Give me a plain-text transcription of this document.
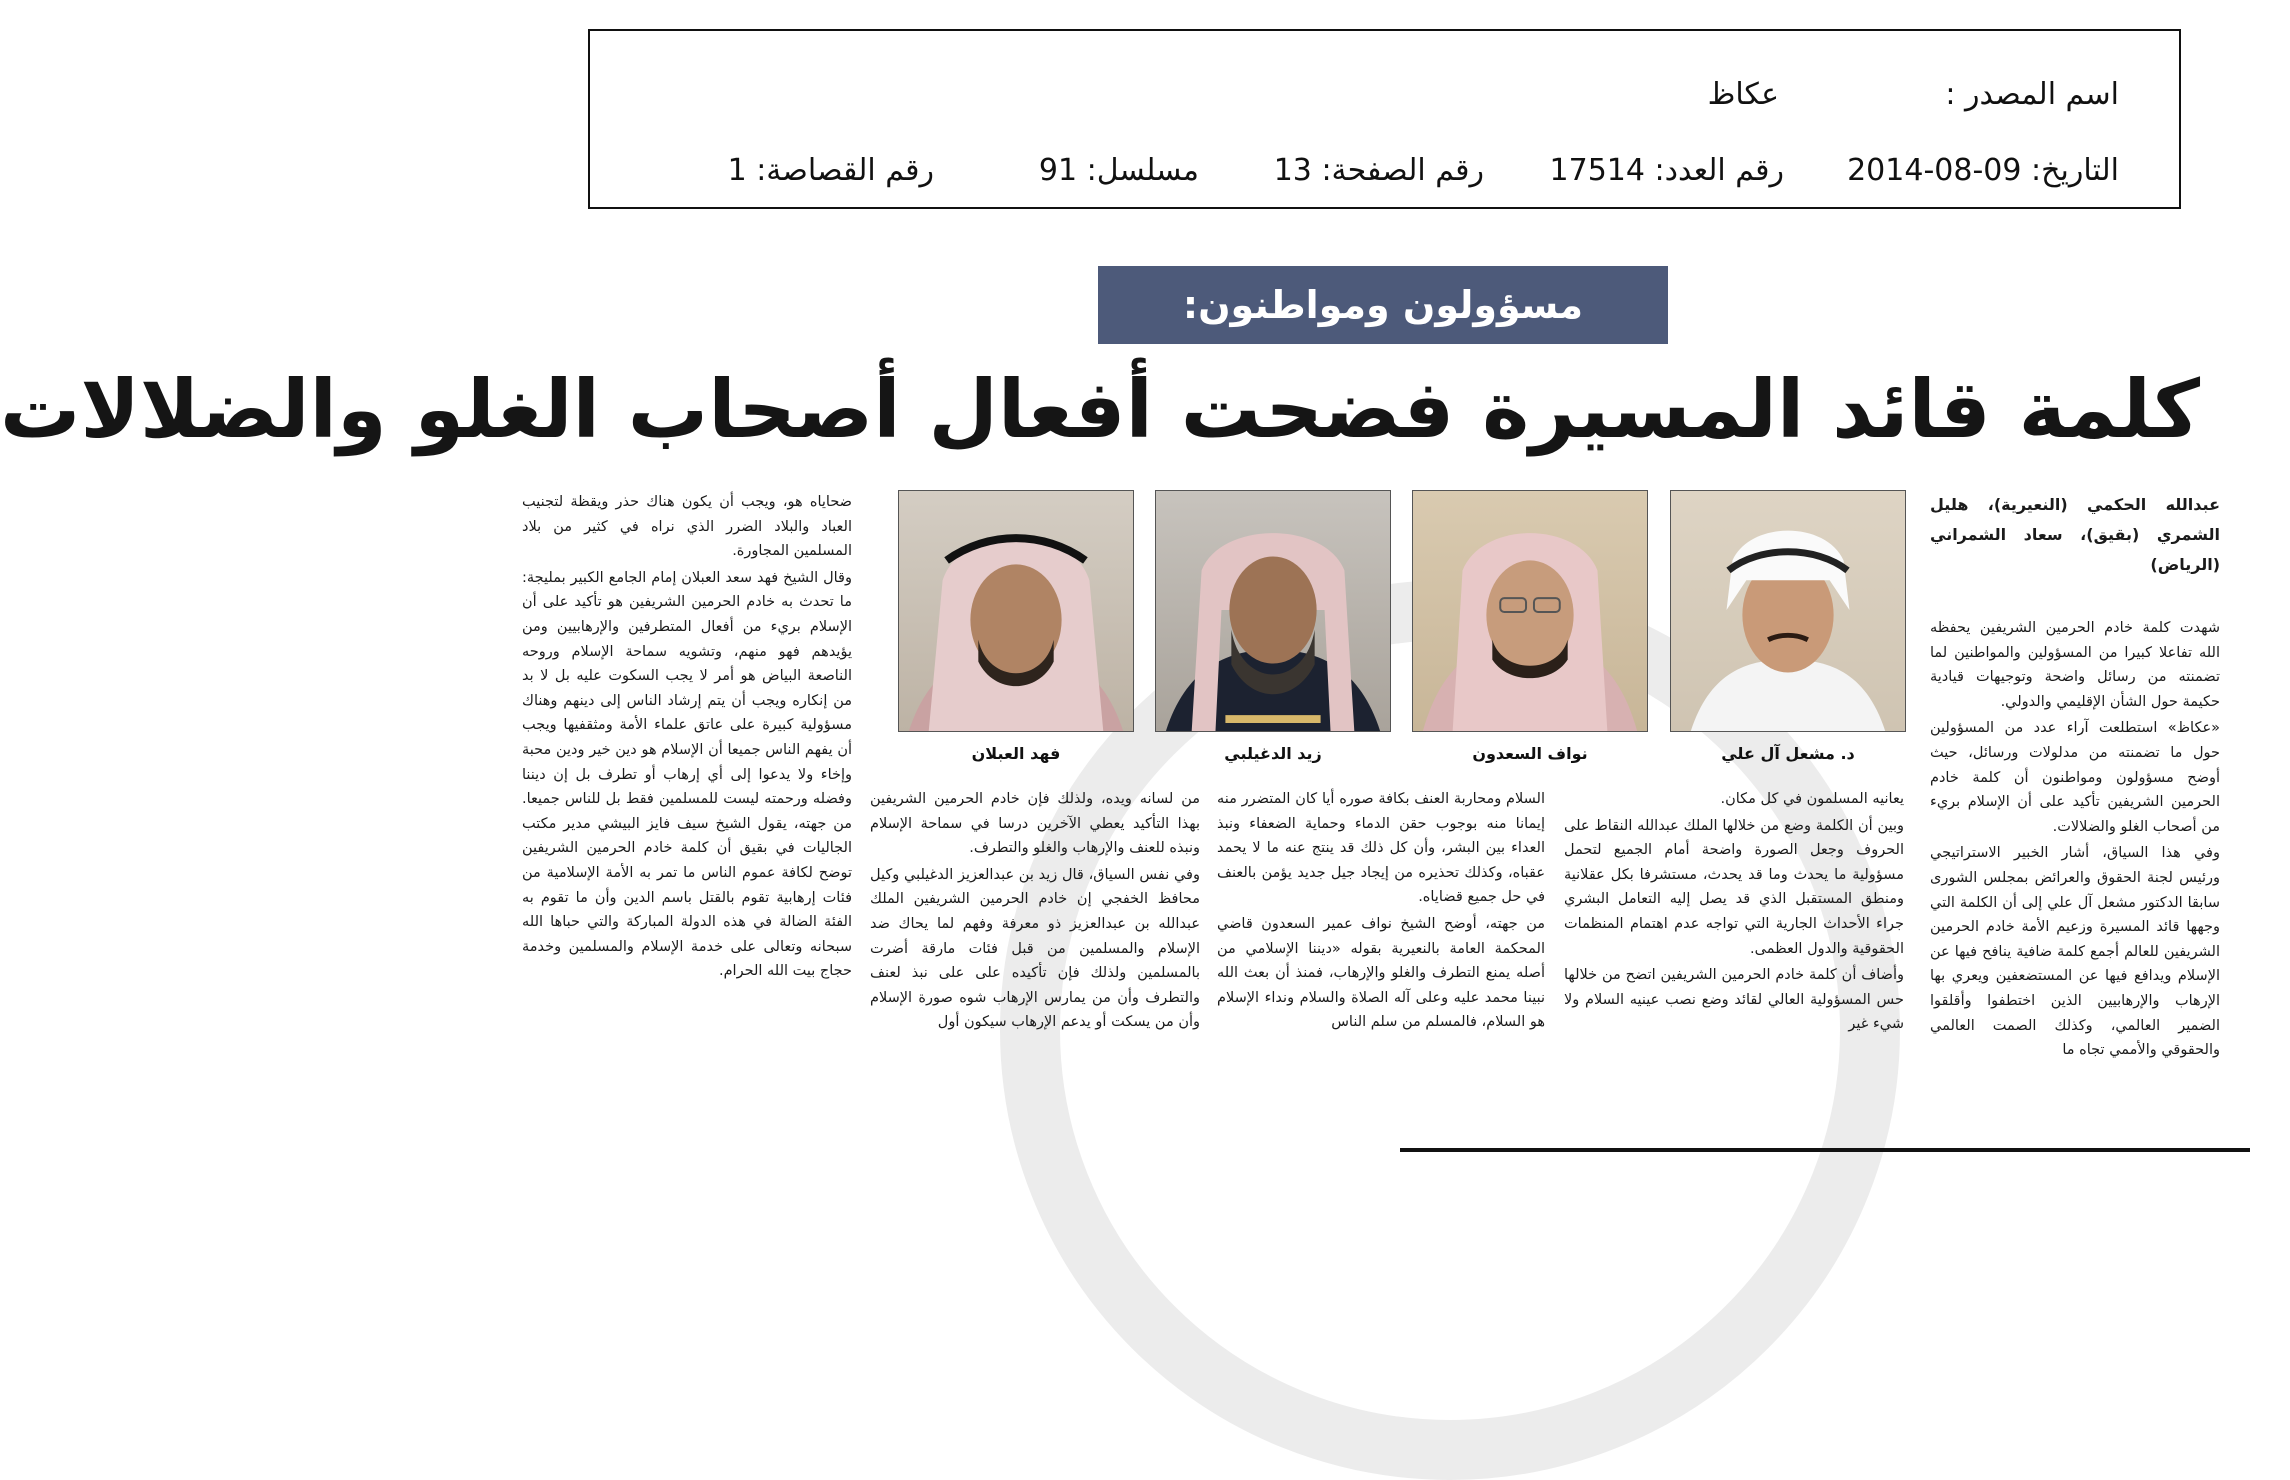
اسم المصدر :
عكاظ
التاريخ: 09-08-2014
رقم العدد: 17514
رقم الصفحة: 13
مسلسل: 91
رقم القصاصة: 1
مسؤولون ومواطنون:
كلمة قائد المسيرة فضحت أفعال أصحاب الغلو والضلالات

عبدالله الحكمي (النعيرية)، هليل الشمري (بقيق)، سعاد الشمراني (الرياض)

شهدت كلمة خادم الحرمين الشريفين يحفظه الله تفاعلا كبيرا من المسؤولين والمواطنين لما تضمنته من رسائل واضحة وتوجيهات قيادية حكيمة حول الشأن الإقليمي والدولي.

«عكاظ» استطلعت آراء عدد من المسؤولين حول ما تضمنته من مدلولات ورسائل، حيث أوضح مسؤولون ومواطنون أن كلمة خادم الحرمين الشريفين تأكيد على أن الإسلام بريء من أصحاب الغلو والضلالات.

وفي هذا السياق، أشار الخبير الاستراتيجي ورئيس لجنة الحقوق والعرائض بمجلس الشورى سابقا الدكتور مشعل آل علي إلى أن الكلمة التي وجهها قائد المسيرة وزعيم الأمة خادم الحرمين الشريفين للعالم أجمع كلمة ضافية ينافح فيها عن الإسلام ويدافع فيها عن المستضعفين ويعري بها الإرهاب والإرهابيين الذين اختطفوا وأقلقوا الضمير العالمي، وكذلك الصمت العالمي والحقوقي والأممي تجاه ما

د. مشعل آل علي
نواف السعدون
زيد الدغيلبي
فهد العبلان

يعانيه المسلمون في كل مكان.

وبين أن الكلمة وضع من خلالها الملك عبدالله النقاط على الحروف وجعل الصورة واضحة أمام الجميع لتحمل مسؤولية ما يحدث وما قد يحدث، مستشرفا بكل عقلانية ومنطق المستقبل الذي قد يصل إليه التعامل البشري جراء الأحداث الجارية التي تواجه عدم اهتمام المنظمات الحقوقية والدول العظمى.

وأضاف أن كلمة خادم الحرمين الشريفين اتضح من خلالها حس المسؤولية العالي لقائد وضع نصب عينيه السلام ولا شيء غير

السلام ومحاربة العنف بكافة صوره أيا كان المتضرر منه إيمانا منه بوجوب حقن الدماء وحماية الضعفاء ونبذ العداء بين البشر، وأن كل ذلك قد ينتج عنه ما لا يحمد عقباه، وكذلك تحذيره من إيجاد جيل جديد يؤمن بالعنف في حل جميع قضاياه.

من جهته، أوضح الشيخ نواف عمير السعدون قاضي المحكمة العامة بالنعيرية بقوله «ديننا الإسلامي من أصله يمنع التطرف والغلو والإرهاب، فمنذ أن بعث الله نبينا محمد عليه وعلى آله الصلاة والسلام ونداء الإسلام هو السلام، فالمسلم من سلم الناس

من لسانه ويده، ولذلك فإن خادم الحرمين الشريفين بهذا التأكيد يعطي الآخرين درسا في سماحة الإسلام ونبذه للعنف والإرهاب والغلو والتطرف.

وفي نفس السياق، قال زيد بن عبدالعزيز الدغيلبي وكيل محافظ الخفجي إن خادم الحرمين الشريفين الملك عبدالله بن عبدالعزيز ذو معرفة وفهم لما يحاك ضد الإسلام والمسلمين من قبل فئات مارقة أضرت بالمسلمين ولذلك فإن تأكيده على على نبذ لعنف والتطرف وأن من يمارس الإرهاب شوه صورة الإسلام وأن من يسكت أو يدعم الإرهاب سيكون أول

ضحاياه هو، ويجب أن يكون هناك حذر ويقظة لتجنيب العباد والبلاد الضرر الذي نراه في كثير من بلاد المسلمين المجاورة.

وقال الشيخ فهد سعد العبلان إمام الجامع الكبير بمليجة: ما تحدث به خادم الحرمين الشريفين هو تأكيد على أن الإسلام بريء من أفعال المتطرفين والإرهابيين ومن يؤيدهم فهو منهم، وتشويه سماحة الإسلام وروحه الناصعة البياض هو أمر لا يجب السكوت عليه بل لا بد من إنكاره ويجب أن يتم إرشاد الناس إلى دينهم وهناك مسؤولية كبيرة على عاتق علماء الأمة ومثقفيها ويجب أن يفهم الناس جميعا أن الإسلام هو دين خير ودين محبة وإخاء ولا يدعوا إلى أي إرهاب أو تطرف بل إن ديننا وفضله ورحمته ليست للمسلمين فقط بل للناس جميعا. من جهته، يقول الشيخ سيف فايز البيشي مدير مكتب الجاليات في بقيق أن كلمة خادم الحرمين الشريفين توضح لكافة عموم الناس ما تمر به الأمة الإسلامية من فئات إرهابية تقوم بالقتل باسم الدين وأن ما تقوم به الفئة الضالة في هذه الدولة المباركة والتي حباها الله سبحانه وتعالى على خدمة الإسلام والمسلمين وخدمة حجاج بيت الله الحرام.
